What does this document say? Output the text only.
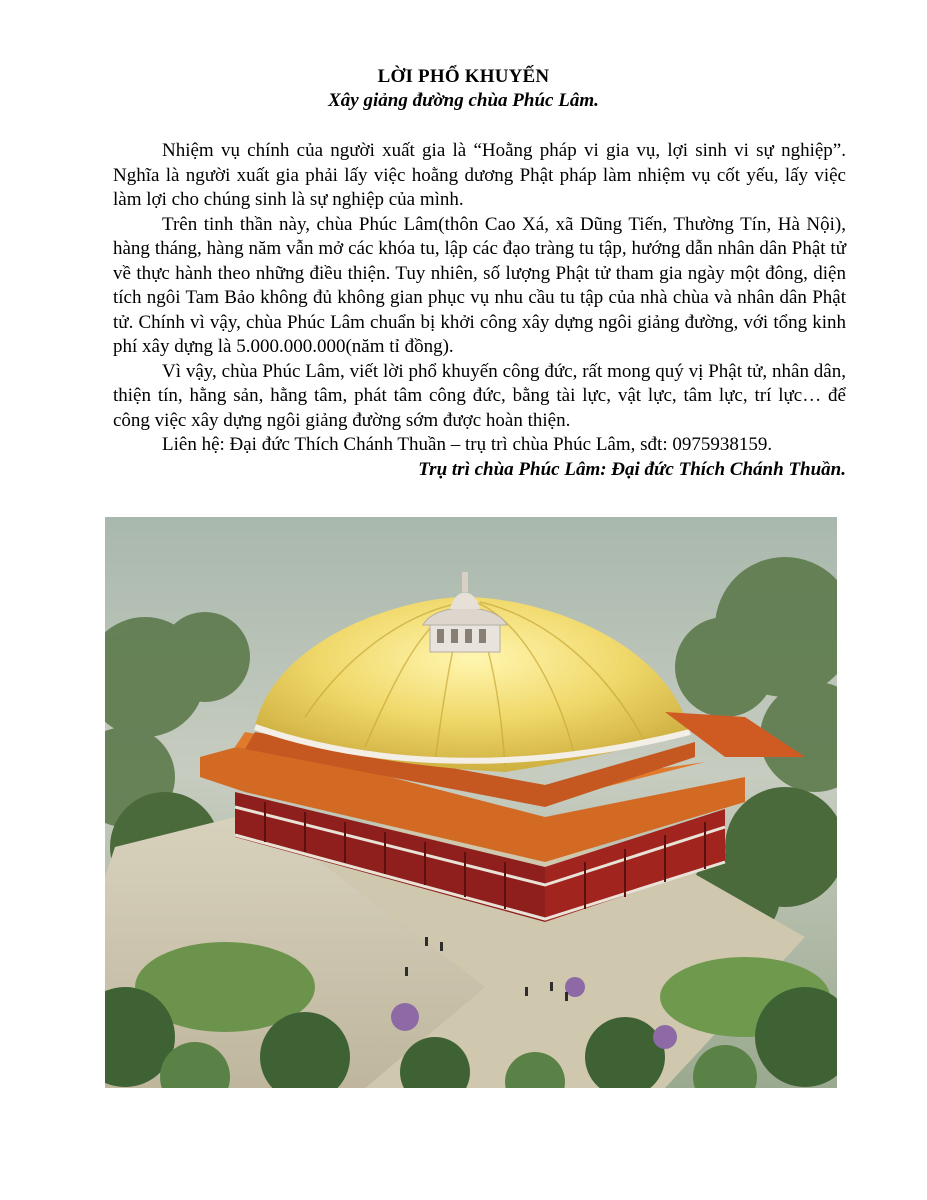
LỜI PHỔ KHUYẾN
Xây giảng đường chùa Phúc Lâm.

Nhiệm vụ chính của người xuất gia là “Hoằng pháp vi gia vụ, lợi sinh vi sự nghiệp”. Nghĩa là người xuất gia phải lấy việc hoằng dương Phật pháp làm nhiệm vụ cốt yếu, lấy việc làm lợi cho chúng sinh là sự nghiệp của mình.

Trên tinh thần này, chùa Phúc Lâm(thôn Cao Xá, xã Dũng Tiến, Thường Tín, Hà Nội), hàng tháng, hàng năm vẫn mở các khóa tu, lập các đạo tràng tu tập, hướng dẫn nhân dân Phật tử về thực hành theo những điều thiện. Tuy nhiên, số lượng Phật tử tham gia ngày một đông, diện tích ngôi Tam Bảo không đủ không gian phục vụ nhu cầu tu tập của nhà chùa và nhân dân Phật tử. Chính vì vậy, chùa Phúc Lâm chuẩn bị khởi công xây dựng ngôi giảng đường, với tổng kinh phí xây dựng là 5.000.000.000(năm tỉ đồng).

Vì vậy, chùa Phúc Lâm, viết lời phổ khuyến công đức, rất mong quý vị Phật tử, nhân dân, thiện tín, hằng sản, hằng tâm, phát tâm công đức, bằng tài lực, vật lực, tâm lực, trí lực… để công việc xây dựng ngôi giảng đường sớm được hoàn thiện.

Liên hệ: Đại đức Thích Chánh Thuần – trụ trì chùa Phúc Lâm, sđt: 0975938159.

Trụ trì chùa Phúc Lâm: Đại đức Thích Chánh Thuần.
